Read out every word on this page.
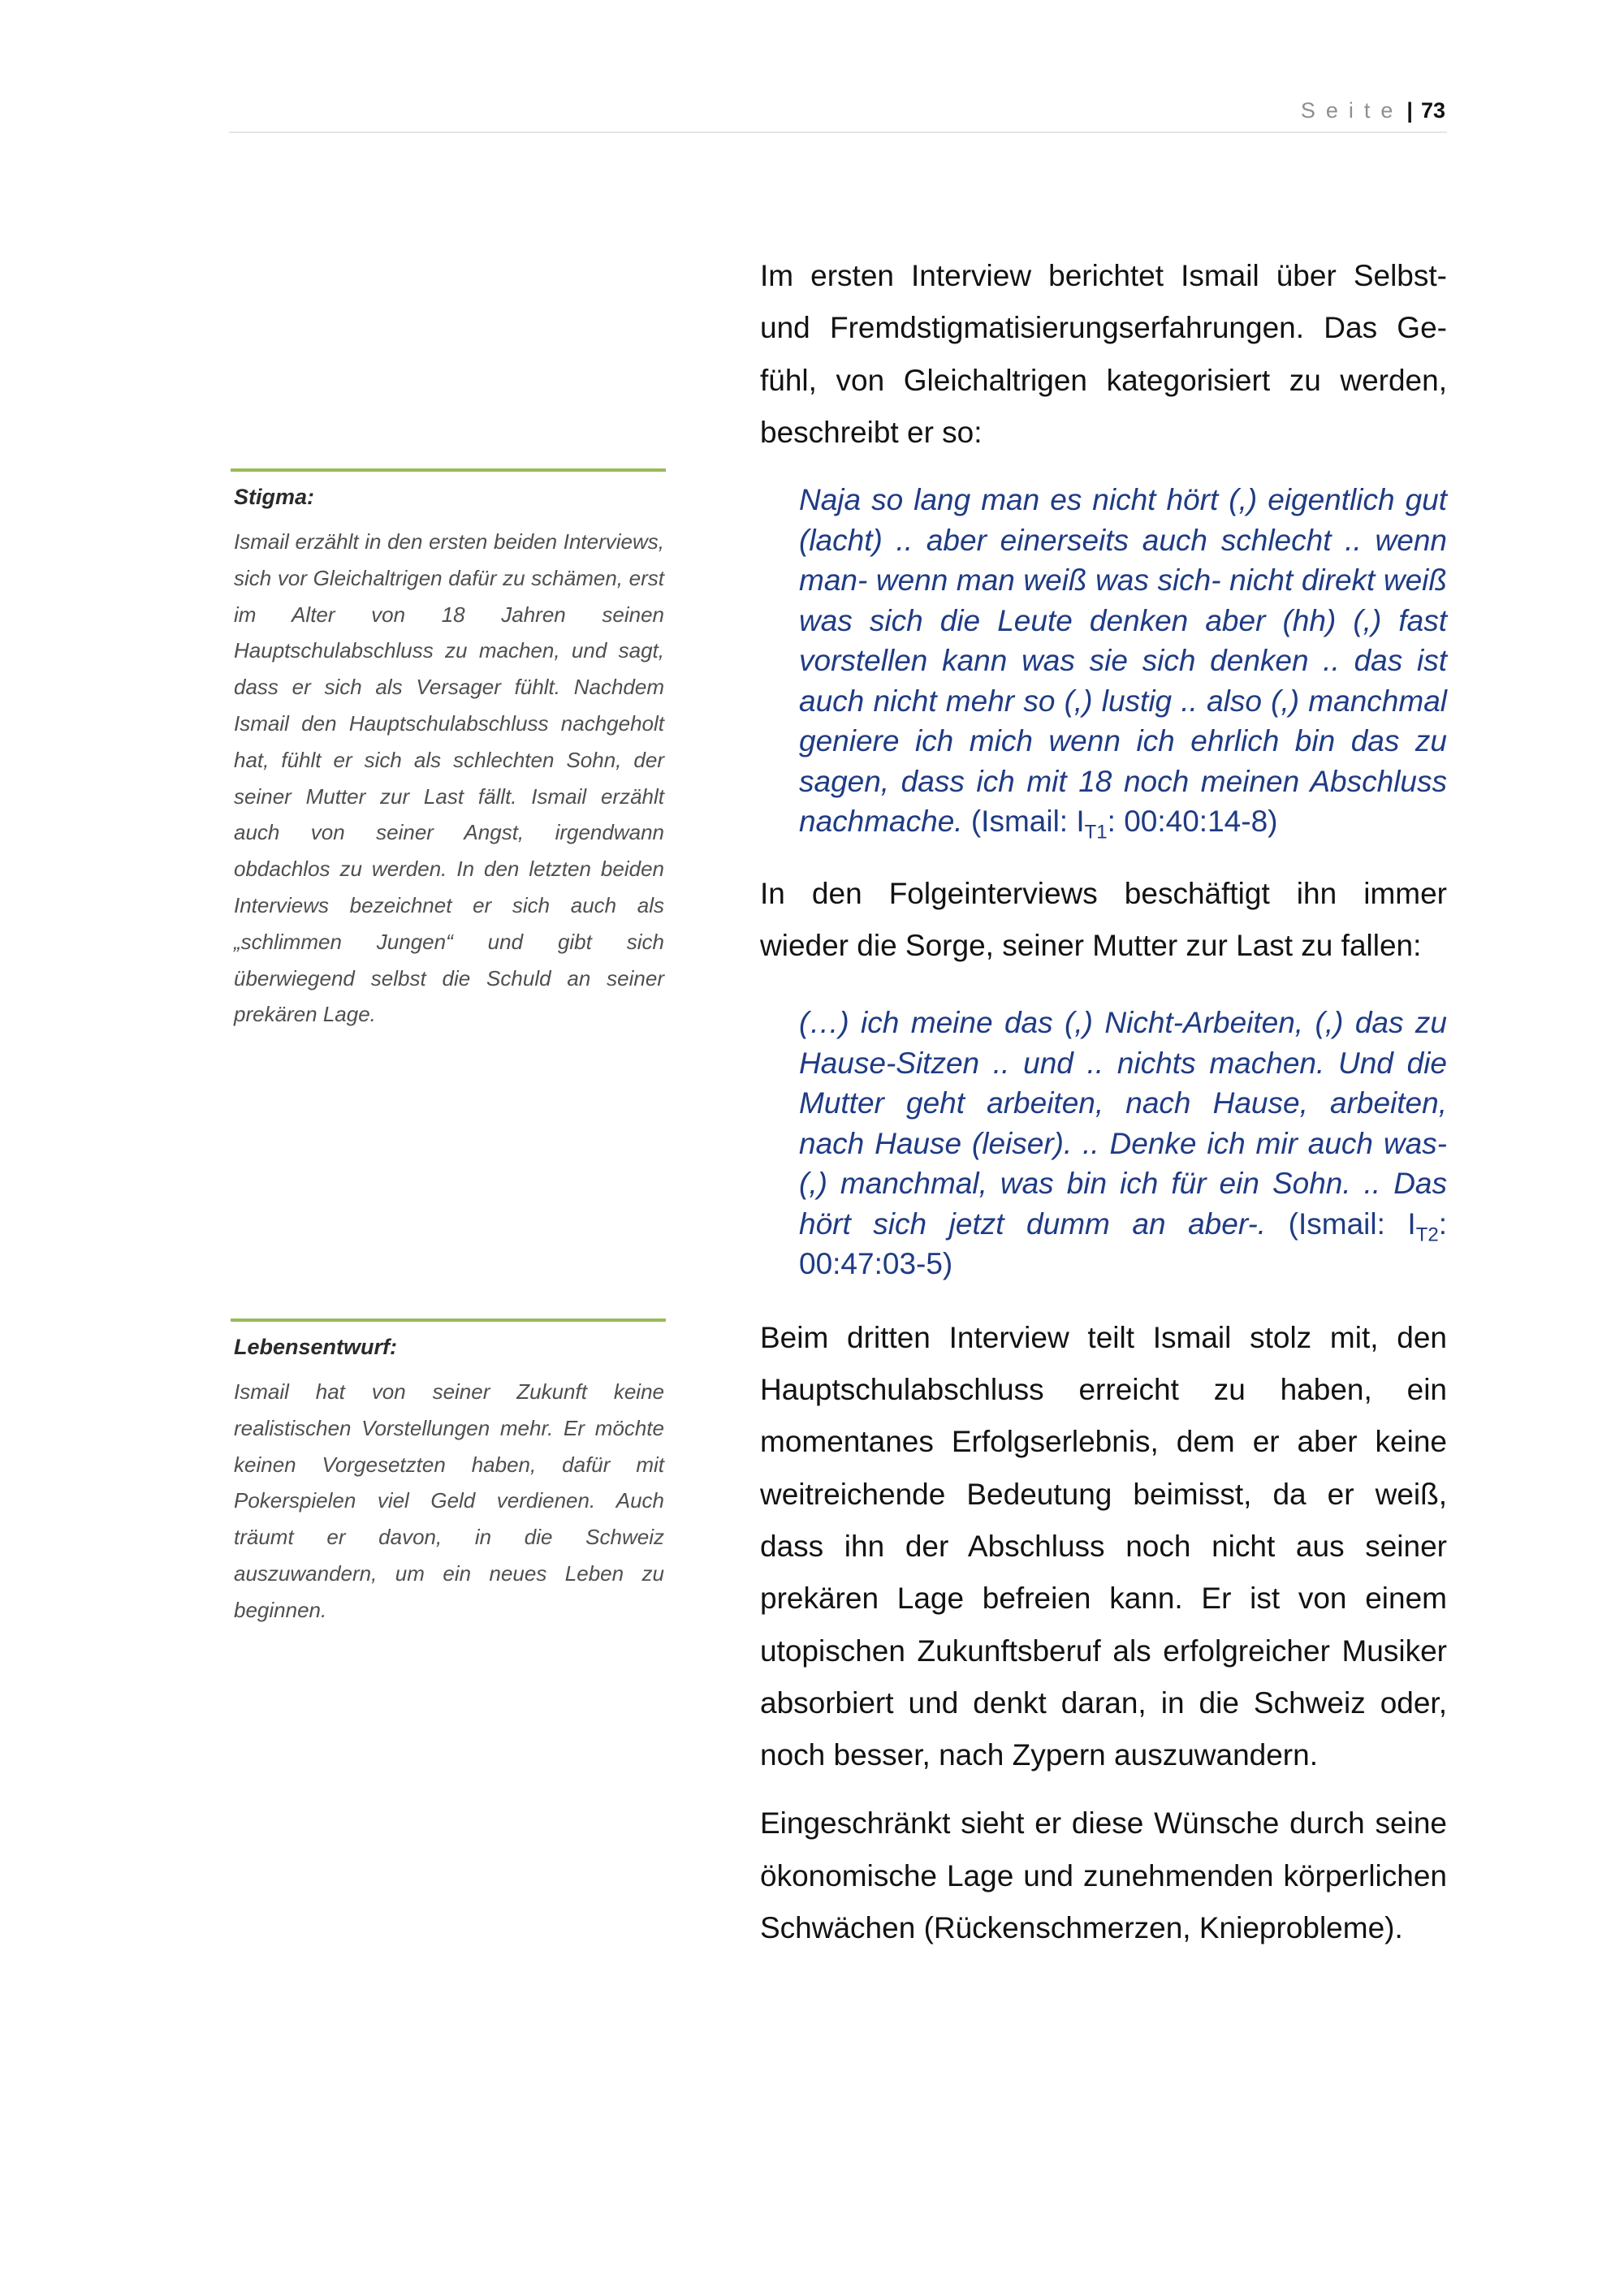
Seite | 73
Stigma:
Ismail erzählt in den ersten beiden Interviews, sich vor Gleichaltrigen dafür zu schämen, erst im Alter von 18 Jahren seinen Hauptschulabschluss zu machen, und sagt, dass er sich als Versager fühlt. Nachdem Ismail den Hauptschulabschluss nachgeholt hat, fühlt er sich als schlechten Sohn, der seiner Mutter zur Last fällt. Ismail erzählt auch von seiner Angst, irgendwann obdachlos zu werden. In den letzten beiden Interviews bezeichnet er sich auch als „schlimmen Jungen“ und gibt sich überwiegend selbst die Schuld an seiner prekären Lage.
Lebensentwurf:
Ismail hat von seiner Zukunft keine realistischen Vorstellungen mehr. Er möchte keinen Vorgesetzten haben, dafür mit Pokerspielen viel Geld verdienen. Auch träumt er davon, in die Schweiz auszuwandern, um ein neues Leben zu beginnen.

Im ersten Interview berichtet Ismail über Selbst- und Fremdstigmatisierungserfahrungen. Das Gefühl, von Gleichaltrigen kategorisiert zu werden, beschreibt er so:

Naja so lang man es nicht hört (,) eigentlich gut (lacht) .. aber einerseits auch schlecht .. wenn man- wenn man weiß was sich- nicht direkt weiß was sich die Leute denken aber (hh) (,) fast vorstellen kann was sie sich denken .. das ist auch nicht mehr so (,) lustig .. also (,) manchmal geniere ich mich wenn ich ehrlich bin das zu sagen, dass ich mit 18 noch meinen Abschluss nachmache. (Ismail: $I_{T1}$: 00:40:14-8)

In den Folgeinterviews beschäftigt ihn immer wieder die Sorge, seiner Mutter zur Last zu fallen:

(…) ich meine das (,) Nicht-Arbeiten, (,) das zu Hause-Sitzen .. und .. nichts machen. Und die Mutter geht arbeiten, nach Hause, arbeiten, nach Hause (leiser). .. Denke ich mir auch was- (,) manchmal, was bin ich für ein Sohn. .. Das hört sich jetzt dumm an aber-. (Ismail: $I_{T2}$: 00:47:03-5)

Beim dritten Interview teilt Ismail stolz mit, den Hauptschulabschluss erreicht zu haben, ein momentanes Erfolgserlebnis, dem er aber keine weitreichende Bedeutung beimisst, da er weiß, dass ihn der Abschluss noch nicht aus seiner prekären Lage befreien kann. Er ist von einem utopischen Zukunftsberuf als erfolgreicher Musiker absorbiert und denkt daran, in die Schweiz oder, noch besser, nach Zypern auszuwandern.

Eingeschränkt sieht er diese Wünsche durch seine ökonomische Lage und zunehmenden körperlichen Schwächen (Rückenschmerzen, Knieprobleme).
